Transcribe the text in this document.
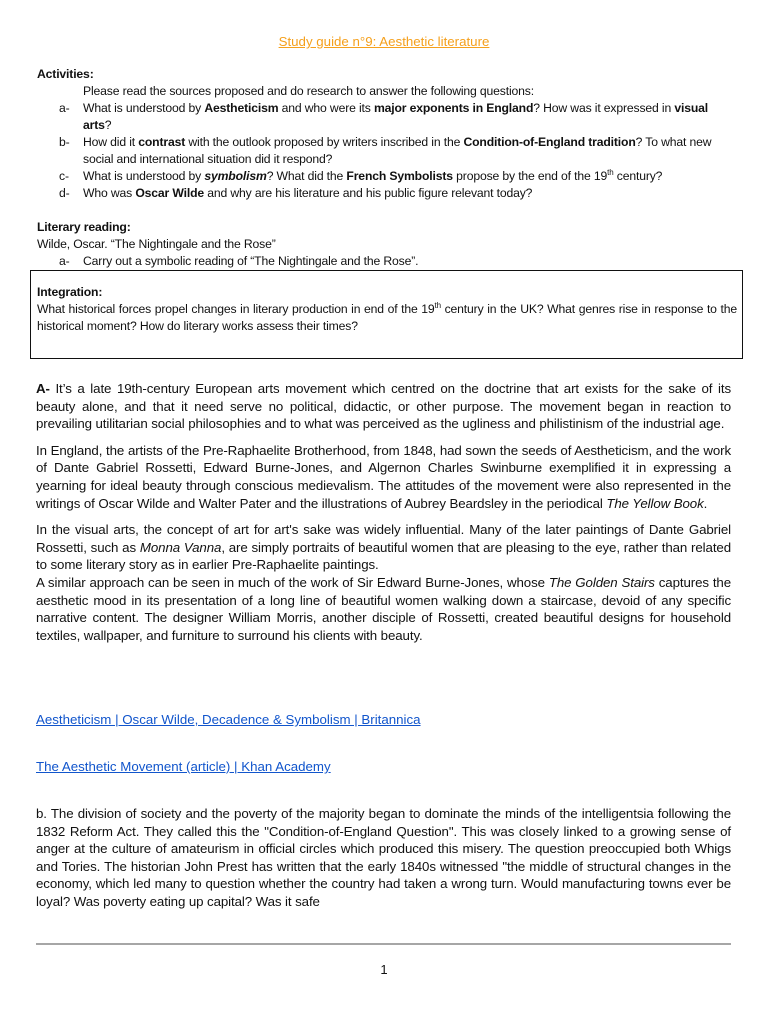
Study guide n°9: Aesthetic literature
Activities:
Please read the sources proposed and do research to answer the following questions:
a- What is understood by Aestheticism and who were its major exponents in England? How was it expressed in visual arts?
b- How did it contrast with the outlook proposed by writers inscribed in the Condition-of-England tradition? To what new social and international situation did it respond?
c- What is understood by symbolism? What did the French Symbolists propose by the end of the 19th century?
d- Who was Oscar Wilde and why are his literature and his public figure relevant today?
Literary reading:
Wilde, Oscar. “The Nightingale and the Rose”
a- Carry out a symbolic reading of “The Nightingale and the Rose”.
Integration:
What historical forces propel changes in literary production in end of the 19th century in the UK? What genres rise in response to the historical moment? How do literary works assess their times?

A- It’s a late 19th-century European arts movement which centred on the doctrine that art exists for the sake of its beauty alone, and that it need serve no political, didactic, or other purpose. The movement began in reaction to prevailing utilitarian social philosophies and to what was perceived as the ugliness and philistinism of the industrial age.

In England, the artists of the Pre-Raphaelite Brotherhood, from 1848, had sown the seeds of Aestheticism, and the work of Dante Gabriel Rossetti, Edward Burne-Jones, and Algernon Charles Swinburne exemplified it in expressing a yearning for ideal beauty through conscious medievalism. The attitudes of the movement were also represented in the writings of Oscar Wilde and Walter Pater and the illustrations of Aubrey Beardsley in the periodical The Yellow Book.

In the visual arts, the concept of art for art's sake was widely influential. Many of the later paintings of Dante Gabriel Rossetti, such as Monna Vanna, are simply portraits of beautiful women that are pleasing to the eye, rather than related to some literary story as in earlier Pre-Raphaelite paintings.

A similar approach can be seen in much of the work of Sir Edward Burne-Jones, whose The Golden Stairs captures the aesthetic mood in its presentation of a long line of beautiful women walking down a staircase, devoid of any specific narrative content. The designer William Morris, another disciple of Rossetti, created beautiful designs for household textiles, wallpaper, and furniture to surround his clients with beauty.

Aestheticism | Oscar Wilde, Decadence & Symbolism | Britannica
The Aesthetic Movement (article) | Khan Academy
b. The division of society and the poverty of the majority began to dominate the minds of the intelligentsia following the 1832 Reform Act. They called this the "Condition-of-England Question". This was closely linked to a growing sense of anger at the culture of amateurism in official circles which produced this misery. The question preoccupied both Whigs and Tories. The historian John Prest has written that the early 1840s witnessed "the middle of structural changes in the economy, which led many to question whether the country had taken a wrong turn. Would manufacturing towns ever be loyal? Was poverty eating up capital? Was it safe
1
